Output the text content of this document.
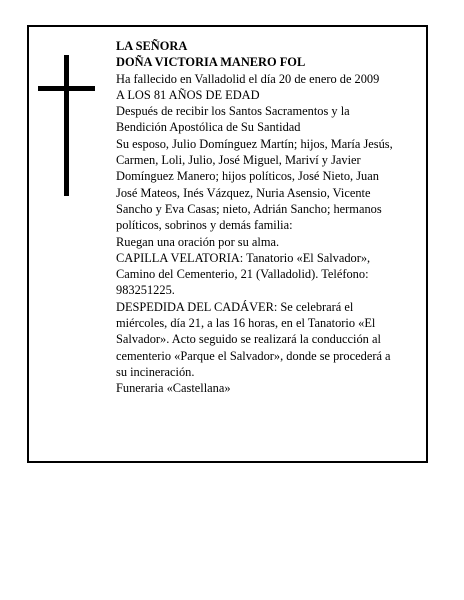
LA SEÑORA
DOÑA VICTORIA MANERO FOL
Ha fallecido en Valladolid el día 20 de enero de 2009
A LOS 81 AÑOS DE EDAD
Después de recibir los Santos Sacramentos y la
Bendición Apostólica de Su Santidad
Su esposo, Julio Domínguez Martín; hijos, María Jesús,
Carmen, Loli, Julio, José Miguel, Mariví y Javier
Domínguez Manero; hijos políticos, José Nieto, Juan
José Mateos, Inés Vázquez, Nuria Asensio, Vicente
Sancho y Eva Casas; nieto, Adrián Sancho; hermanos
políticos, sobrinos y demás familia:
Ruegan una oración por su alma.
CAPILLA VELATORIA: Tanatorio «El Salvador»,
Camino del Cementerio, 21 (Valladolid). Teléfono:
983251225.
DESPEDIDA DEL CADÁVER: Se celebrará el
miércoles, día 21, a las 16 horas, en el Tanatorio «El
Salvador». Acto seguido se realizará la conducción al
cementerio «Parque el Salvador», donde se procederá a
su incineración.
Funeraria «Castellana»
